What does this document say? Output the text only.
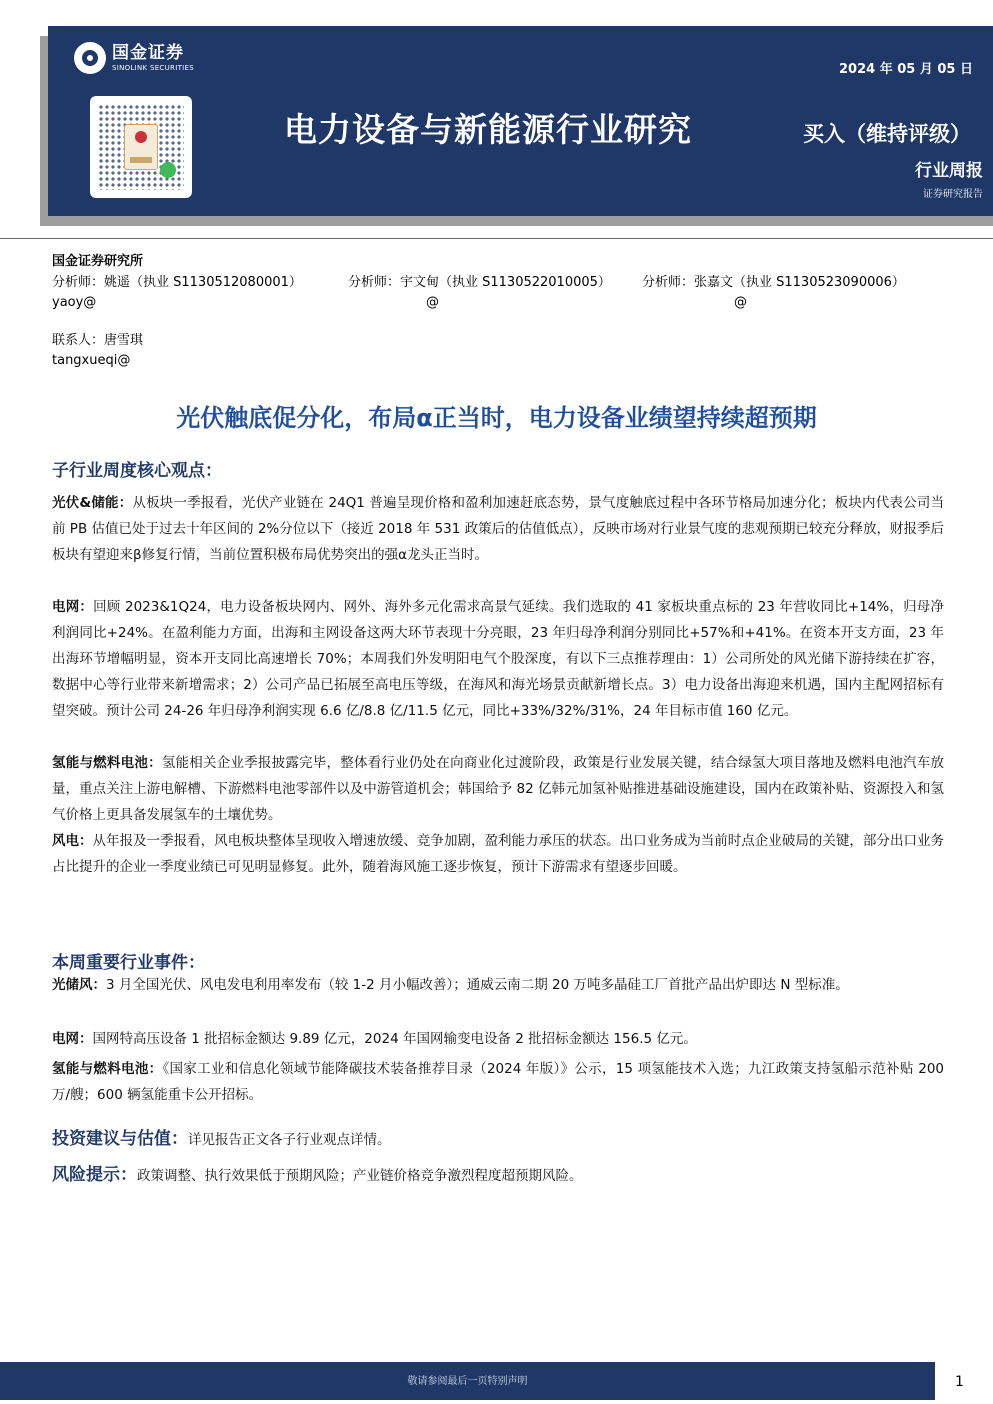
国金证券
SINOLINK SECURITIES	2024 年 05 月 05 日
电力设备与新能源行业研究	买入（维持评级）
行业周报
证券研究报告
国金证券研究所
分析师：姚遥（执业 S1130512080001）
yaoy@
分析师：宇文甸（执业 S1130522010005）
@
分析师：张嘉文（执业 S1130523090006）
@
联系人：唐雪琪
tangxueqi@
光伏触底促分化，布局α正当时，电力设备业绩望持续超预期
子行业周度核心观点：
光伏&储能：从板块一季报看，光伏产业链在 24Q1 普遍呈现价格和盈利加速赶底态势，景气度触底过程中各环节格局加速分化；板块内代表公司当前 PB 估值已处于过去十年区间的 2%分位以下（接近 2018 年 531 政策后的估值低点），反映市场对行业景气度的悲观预期已较充分释放，财报季后板块有望迎来β修复行情，当前位置积极布局优势突出的强α龙头正当时。
电网：回顾 2023&1Q24，电力设备板块网内、网外、海外多元化需求高景气延续。我们选取的 41 家板块重点标的 23 年营收同比+14%，归母净利润同比+24%。在盈利能力方面，出海和主网设备这两大环节表现十分亮眼，23 年归母净利润分别同比+57%和+41%。在资本开支方面，23 年出海环节增幅明显，资本开支同比高速增长 70%；本周我们外发明阳电气个股深度，有以下三点推荐理由：1）公司所处的风光储下游持续在扩容，数据中心等行业带来新增需求；2）公司产品已拓展至高电压等级，在海风和海光场景贡献新增长点。3）电力设备出海迎来机遇，国内主配网招标有望突破。预计公司 24-26 年归母净利润实现 6.6 亿/8.8 亿/11.5 亿元，同比+33%/32%/31%，24 年目标市值 160 亿元。
氢能与燃料电池：氢能相关企业季报披露完毕，整体看行业仍处在向商业化过渡阶段，政策是行业发展关键，结合绿氢大项目落地及燃料电池汽车放量，重点关注上游电解槽、下游燃料电池零部件以及中游管道机会；韩国给予 82 亿韩元加氢补贴推进基础设施建设，国内在政策补贴、资源投入和氢气价格上更具备发展氢车的土壤优势。
风电：从年报及一季报看，风电板块整体呈现收入增速放缓、竞争加剧，盈利能力承压的状态。出口业务成为当前时点企业破局的关键，部分出口业务占比提升的企业一季度业绩已可见明显修复。此外，随着海风施工逐步恢复，预计下游需求有望逐步回暖。
本周重要行业事件：
光储风：3 月全国光伏、风电发电利用率发布（较 1-2 月小幅改善）；通威云南二期 20 万吨多晶硅工厂首批产品出炉即达 N 型标准。
电网：国网特高压设备 1 批招标金额达 9.89 亿元，2024 年国网输变电设备 2 批招标金额达 156.5 亿元。
氢能与燃料电池：《国家工业和信息化领域节能降碳技术装备推荐目录（2024 年版）》公示，15 项氢能技术入选；九江政策支持氢船示范补贴 200 万/艘；600 辆氢能重卡公开招标。
投资建议与估值：详见报告正文各子行业观点详情。
风险提示：政策调整、执行效果低于预期风险；产业链价格竞争激烈程度超预期风险。
敬请参阅最后一页特别声明	1
